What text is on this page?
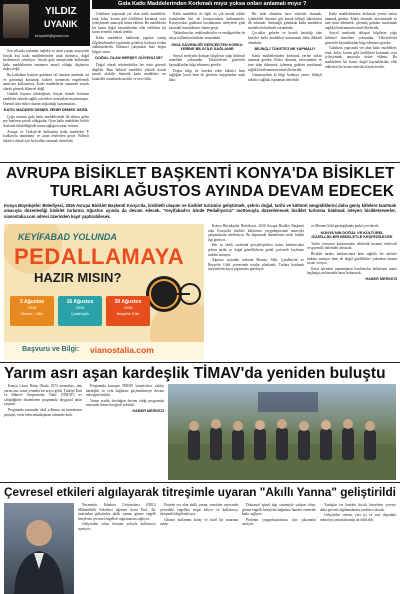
YILDIZ
UYANIK
kenyabitil@gmail.com

Son yıllarda yaşlanan, sağlıklı ve uzun yaşam arayışında birçok kişi katkı maddelerinden uzak durmaya, doğal beslenmeye yöneliyor. Ancak gıda sanayisinde kullanılan katkı maddelerinin tamamen zararlı olduğu düşüncesi doğru değil.

Bu katkıların bazıları gıdaların raf ömrünü uzatmak, tat ve görünüşü korumak, bakteri üremesini engellemek amacıyla kullanılıyor. Katkı maddelerini tamamen zararlı olarak görmek bilimsel değil.

Günlük hayatta tükettiğimiz birçok üründe bulunan maddeler aslında sağlık otoriteleri tarafından onaylanmıştır. Önemli olan etiket okuma alışkanlığı kazanmaktır.

KATKI MADDESİ DEMEK ZEHİR DEMEK DEĞİL

Çoğu insanın gıda katkı maddelerinde ilk aklına gelen şey bunların zararlı olduğudur. Oysa katkı maddeleri belirli dozlarda tüketildiğinde insan sağlığına zarar vermez.

Avrupa ve Türkiye'de kullanılan katkı maddeleri E kodlarıyla tanımlanır ve uzun testlerden geçer. Bilinçli tüketici olmak için bu kodları tanımak önemlidir.

Gıda Katkı Maddelerinden Korkmalı mıyız yoksa onları anlamalı mıyız ?

Gıdaların yapısında yer alan katkı maddeleri; renk, koku, kıvam gibi özellikleri korumak veya iyileştirmek amacıyla ürüne eklenir. Bu maddelerin bir kısmı doğal kaynaklardan elde edilirken bir kısmı sentetik olarak üretilir.

Katkı maddeleri hakkında yapılan yanlış bilgilendirmeler toplumda gereksiz korkuya neden olabilmektedir. Bilimsel çalışmalar bize doğru bilgiyi sunar.

DOĞAL OLAN HERŞEY GÜVENLİ Mİ?

Doğal olarak nitelendirilen her ürün güvenli değildir. Bazı bitkisel maddeler yüksek dozda zararlı olabilir. Sentetik katkı maddeleri ise kontrollü ortamlarda üretilir ve test edilir.

Katkı maddeleri ile ilgili en çok merak edilen konulardan biri de koruyucuların kullanımıdır. Koruyucular gıdaların bozulmasını önleyerek gıda kaynaklı hastalıkların önüne geçer.

Tatlandırıcılar, renklendiriciler ve emülgatörler de sıkça kullanılan katkılar arasındadır.

GIDA GÜVENLİĞİ GERÇEKTEN KORKU YERİNE BİLGİ İLE SAĞLANIR

Sosyal medyada dolaşan bilgilerin çoğu bilimsel temelden yoksundur. Tüketicilerin güvenilir kaynaklardan bilgi edinmesi gerekir.

Doğru bilgi ile hareket eden tüketici hem sağlığını korur hem de gereksiz kaygılardan uzak kalır.

Bir ürün almadan önce etiketini okumak, içindekiler listesine göz atmak bilinçli tüketicinin ilk adımıdır. Ambalajlı gıdalarda katkı maddeleri mutlaka belirtilmek zorundadır.

Çocuklar, gebeler ve kronik hastalığı olan bireyler katkı maddeleri konusunda daha dikkatli olmalıdır.

BİLİNÇLİ TÜKETİCİ NE YAPMALI?

Katkı maddelerinden korkmak yerine onları tanımak gerekir. Etiket okumak, mevsiminde ve taze ürün tüketmek, işlenmiş gıdaları sınırlamak sağlıklı beslenmenin temel ilkeleridir.

Unutmayalım ki bilgi korkuyu yener; bilinçli tüketici sağlıklı toplumun temelidir.

Katkı maddelerinden korkmak yerine onları tanımak gerekir. Etiket okumak, mevsiminde ve taze ürün tüketmek, işlenmiş gıdaları sınırlamak sağlıklı beslenmenin temel ilkeleridir.

Sosyal medyada dolaşan bilgilerin çoğu bilimsel temelden yoksundur. Tüketicilerin güvenilir kaynaklardan bilgi edinmesi gerekir.

Gıdaların yapısında yer alan katkı maddeleri; renk, koku, kıvam gibi özellikleri korumak veya iyileştirmek amacıyla ürüne eklenir. Bu maddelerin bir kısmı doğal kaynaklardan elde edilirken bir kısmı sentetik olarak üretilir.

AVRUPA BİSİKLET BAŞKENTİ KONYA'DA BİSİKLET
TURLARI AĞUSTOS AYINDA DEVAM EDECEK
Konya Büyükşehir Belediyesi, 2026 Avrupa Bisiklet Başkenti Konya'da, bisikletli ulaşımı ve bisiklet turizmini geliştirmek, şehrin doğal, tarihi ve kültürel zenginliklerini daha geniş kitlelere tanıtmak amacıyla düzenlediği bisiklet turlarına Ağustos ayında da devam edecek. "Keyifabad'ın İzinde Pedallıyoruz" mottosuyla düzenlenecek bisiklet turlarına katılmak isteyen bisikletseverler, vianostalia.com adresi üzerinden kayıt yaptırabilecek.
KEYİFABAD YOLUNDA
PEDALLAMAYA
HAZIR MISIN?
2 Ağustos
2026
Meram – Sille
16 Ağustos
2026
Çatalhöyük
30 Ağustos
2026
Beyşehir Gölü
Başvuru ve Bilgi: vianostalia.com

Konya Büyükşehir Belediyesi, 2026 Avrupa Bisiklet Başkenti olan Konya'da bisiklet kültürünü yaygınlaştırmak amacıyla çalışmalarını sürdürüyor. Bu kapsamda düzenlenen turlar büyük ilgi görüyor.

Her ay farklı rotalarda gerçekleştirilen turlar, katılımcılara şehrin tarihi ve doğal güzelliklerini pedal çevirerek keşfetme imkânı sunuyor.

Ağustos ayındaki turlarda Meram, Sille, Çatalhöyük ve Beyşehir Gölü çevresinde rotalar planlandı. Turlara katılmak isteyenlerin kayıt yaptırması gerekiyor.

ve Meram Gölü güzergâhında pedal çevrilecek.

KONYA'NIN DOĞAL VE KÜLTÜREL GÜZELLİKLERİ BİSİKLETLE KEŞFEDİLECEK

Turlar süresince katılımcılara rehberlik hizmeti verilecek ve güvenlik önlemleri alınacak.

Bisiklet turları, katılımcılara hem sağlıklı bir aktivite imkânı sunuyor hem de doğal güzellikleri yakından tanıma fırsatı veriyor.

Kayıt işlemleri tamamlanan katılımcılar belirlenen saatte başlangıç noktasında hazır bulunacak.

HABER MERKEZİ
Yarım asrı aşan kardeşlik TİMAV'da yeniden buluştu

Konya Lisesi Hatip Okulu 1974 mezunları, tam yarım asır sonra yeniden bir araya geldi. Türkiye İlim ve Mânevî Araştırmalar Vakfı (TİMAV) ev sahipliğinde düzenlenen programda duygusal anlar yaşandı.

Programda mezunlar okul yıllarına ait hatıralarını paylaştı, vefat eden arkadaşlarını rahmetle andı.

Programda konuşan TİMAV yöneticileri, vakfın kardeşlik ve vefa bağlarını güçlendirmeye devam edeceğini belirtti.

Yarım asırlık dostluğun devam ettiği programda mezunlar hatıra fotoğrafı çektirdi.

HABER MERKEZİ
Çevresel etkileri algılayarak titreşimle uyaran "Akıllı Yanna" geliştirildi

Necmettin Erbakan Üniversitesi (NEÜ) Mühendislik Fakültesi öğretim üyesi Prof. Dr. tarafından geliştirilen akıllı yanna, görme engelli bireylerin çevresel engelleri algılamasını sağlıyor.

Geliştirilen cihaz titreşim yoluyla kullanıcıyı uyarıyor.

Projede yer alan akıllı yanna, sensörler sayesinde çevredeki engelleri tespit ediyor ve kullanıcıyı titreşimle bilgilendiriyor.

Cihazın kullanımı kolay ve hafif bir tasarıma sahip.

Dokunsal işitsel algı sistemiyle çalışan cihaz, görme engelli bireylerin bağımsız hareket etmesine katkı sağlıyor.

Projenin yaygınlaştırılması için çalışmalar sürüyor.

Yanlışlar ise hareket kısıtlı bireylerin çevreyi daha güvenli algılamalarına yardımcı olacak.

Geliştirilen sistem, yurt içi ve yurt dışındaki teknoloji yarışmalarında da ödül aldı.
